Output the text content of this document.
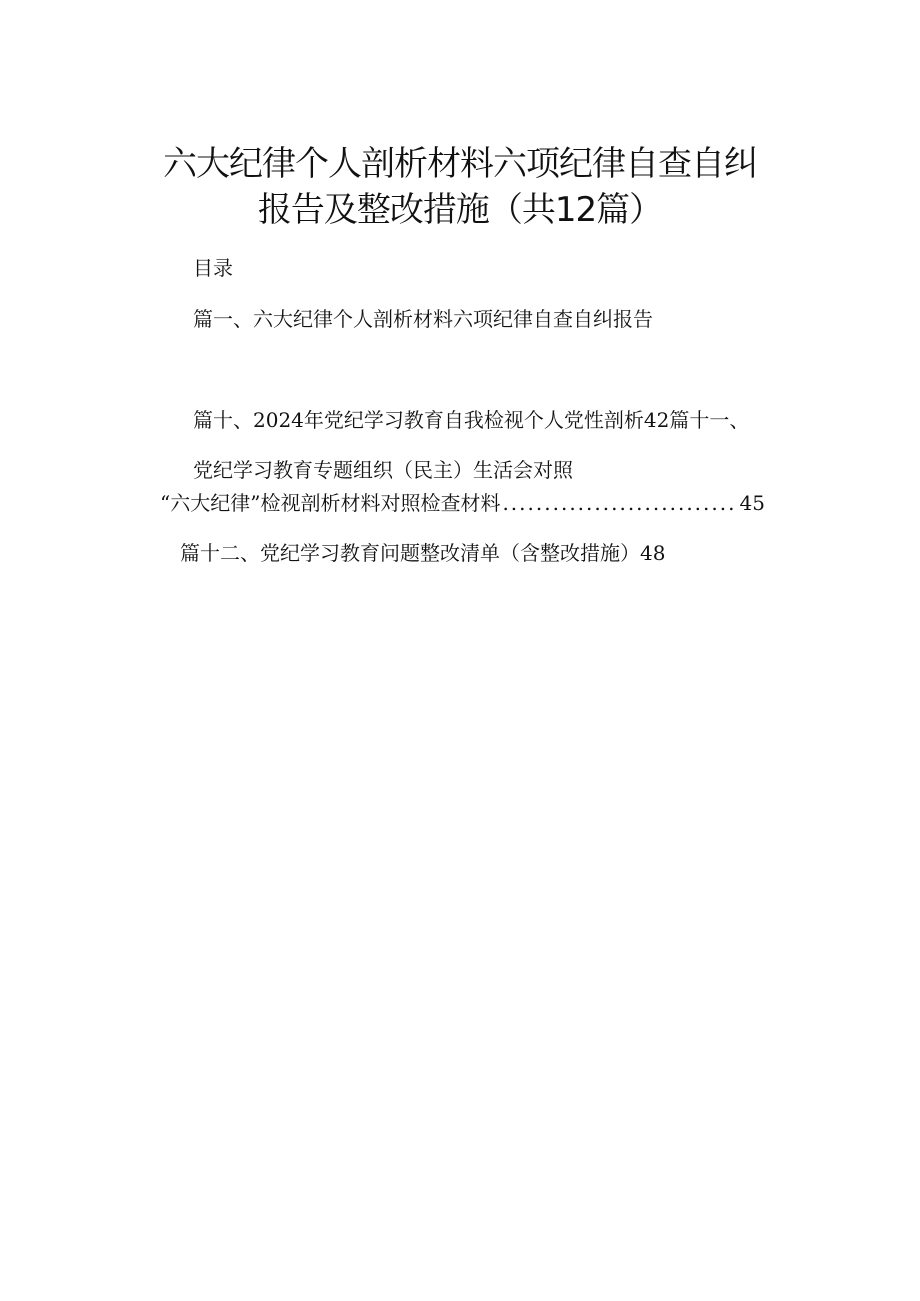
六大纪律个人剖析材料六项纪律自查自纠
报告及整改措施（共12篇）
目录
篇一、六大纪律个人剖析材料六项纪律自查自纠报告
篇十、2024年党纪学习教育自我检视个人党性剖析42篇十一、
党纪学习教育专题组织（民主）生活会对照
“六大纪律”检视剖析材料对照检查材料
.....	45
篇十二、党纪学习教育问题整改清单（含整改措施）48
